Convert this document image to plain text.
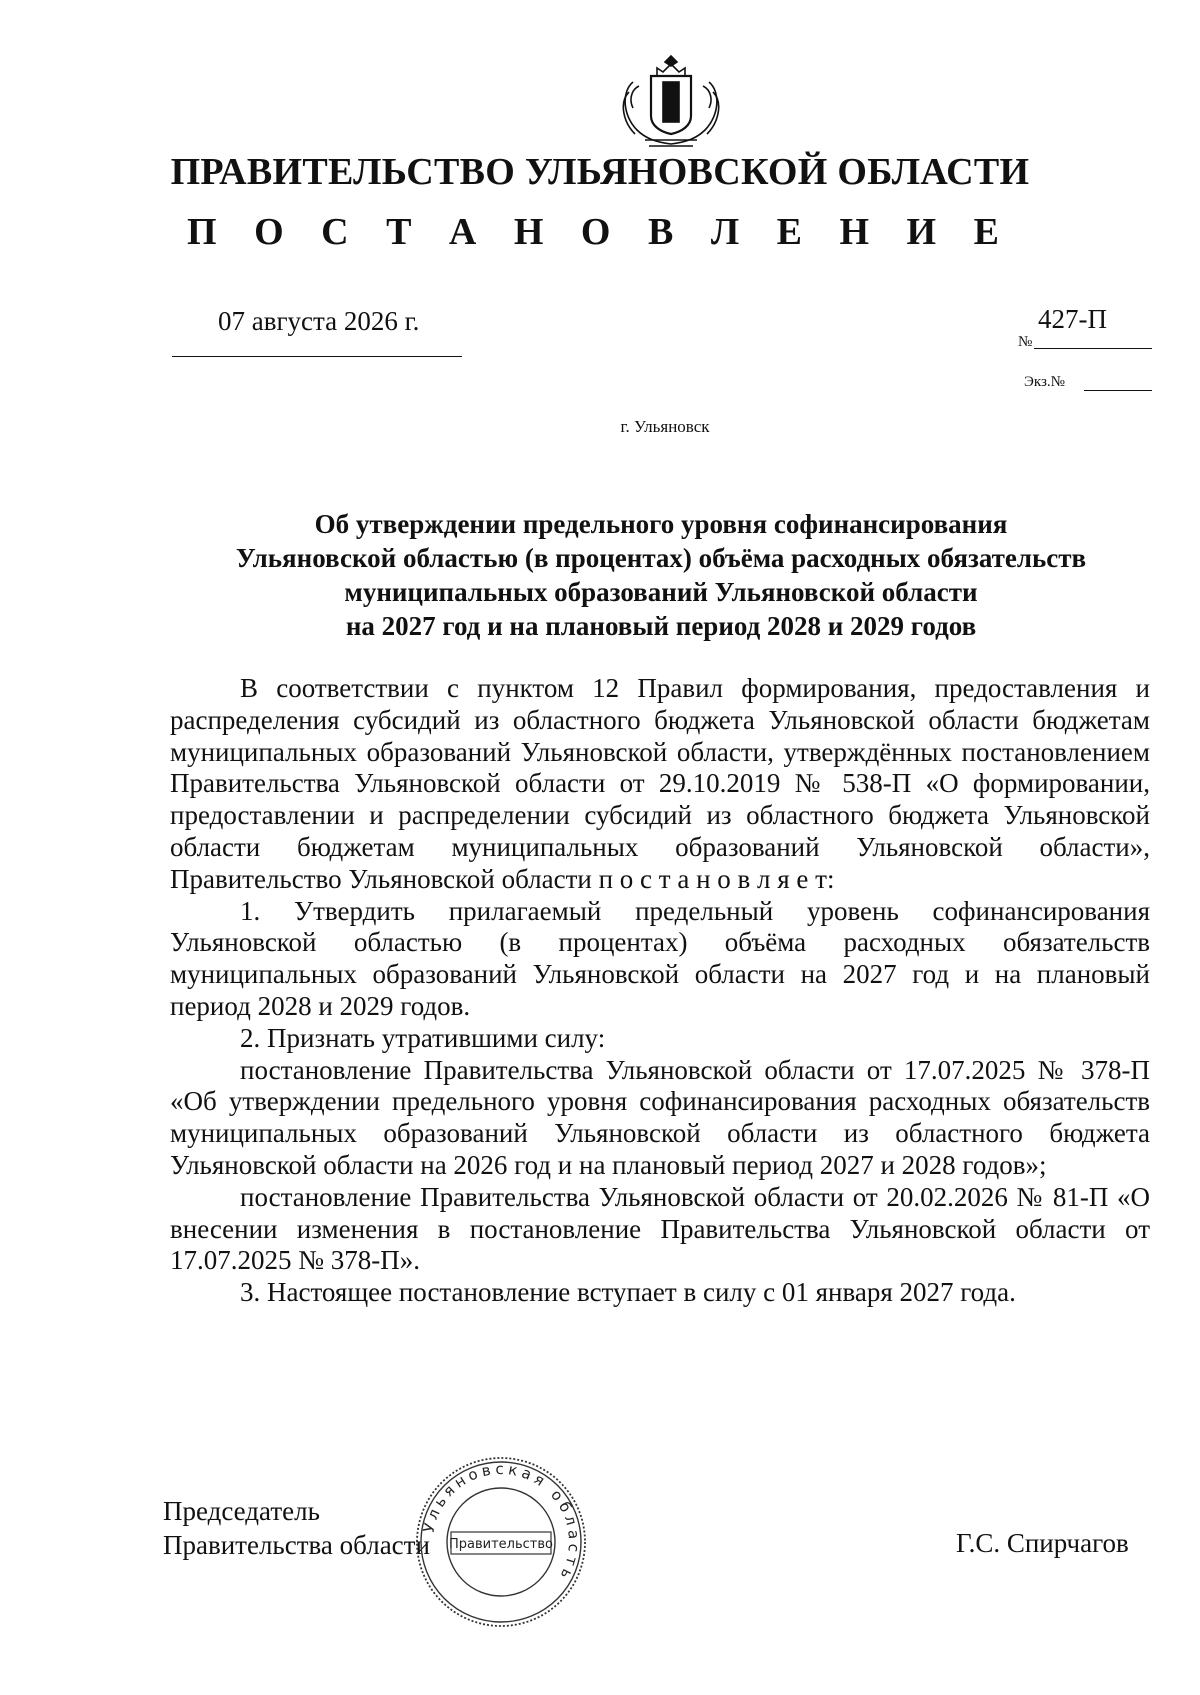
ПРАВИТЕЛЬСТВО УЛЬЯНОВСКОЙ ОБЛАСТИ
П О С Т А Н О В Л Е Н И Е
07 августа 2026 г.
№
427-П
Экз.№
г. Ульяновск
Об утверждении предельного уровня софинансирования
Ульяновской областью (в процентах) объёма расходных обязательств
муниципальных образований Ульяновской области
на 2027 год и на плановый период 2028 и 2029 годов

В соответствии с пунктом 12 Правил формирования, предоставления и распределения субсидий из областного бюджета Ульяновской области бюджетам муниципальных образований Ульяновской области, утверждённых постановлением Правительства Ульяновской области от 29.10.2019 № 538-П «О формировании, предоставлении и распределении субсидий из областного бюджета Ульяновской области бюджетам муниципальных образований Ульяновской области», Правительство Ульяновской области п о с т а н о в л я е т:

1. Утвердить прилагаемый предельный уровень софинансирования Ульяновской областью (в процентах) объёма расходных обязательств муниципальных образований Ульяновской области на 2027 год и на плановый период 2028 и 2029 годов.

2. Признать утратившими силу:

постановление Правительства Ульяновской области от 17.07.2025 № 378-П «Об утверждении предельного уровня софинансирования расходных обязательств муниципальных образований Ульяновской области из областного бюджета Ульяновской области на 2026 год и на плановый период 2027 и 2028 годов»;

постановление Правительства Ульяновской области от 20.02.2026 № 81-П «О внесении изменения в постановление Правительства Ульяновской области от 17.07.2025 № 378-П».

3. Настоящее постановление вступает в силу с 01 января 2027 года.

Председатель
Правительства области	Г.С. Спирчагов
Ульяновская область
Правительство
